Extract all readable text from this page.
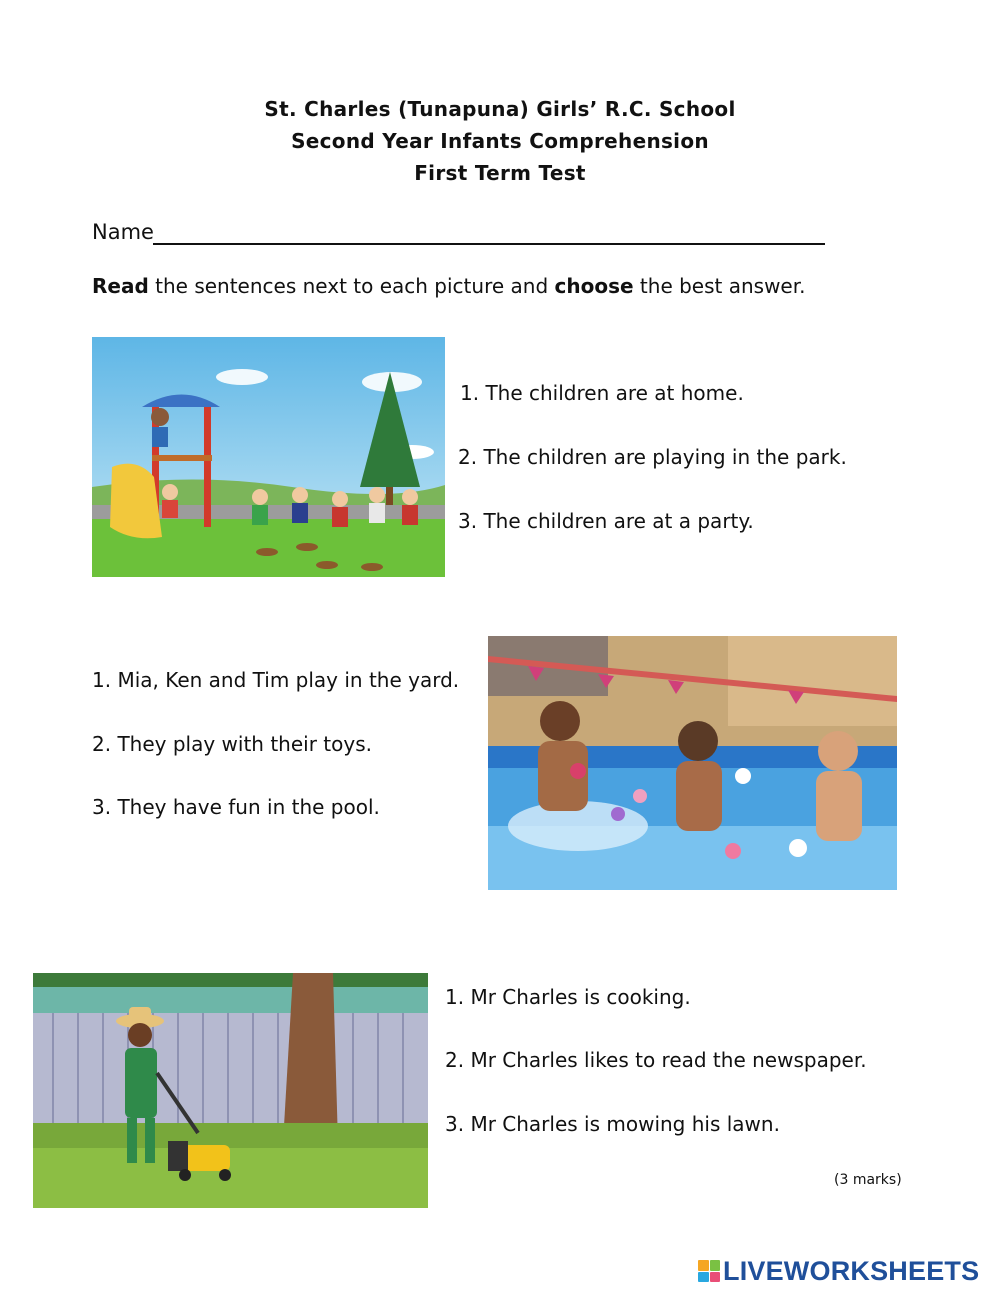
St. Charles (Tunapuna) Girls’ R.C. School
Second Year Infants Comprehension
First Term Test
Name
Read the sentences next to each picture and choose the best answer.
1. The children are at home.
2. The children are playing in the park.
3. The children are at a party.
1. Mia, Ken and Tim play in the yard.
2. They play with their toys.
3. They have fun in the pool.
1. Mr Charles is cooking.
2. Mr Charles likes to read the newspaper.
3. Mr Charles is mowing his lawn.
(3 marks)
LIVEWORKSHEETS
